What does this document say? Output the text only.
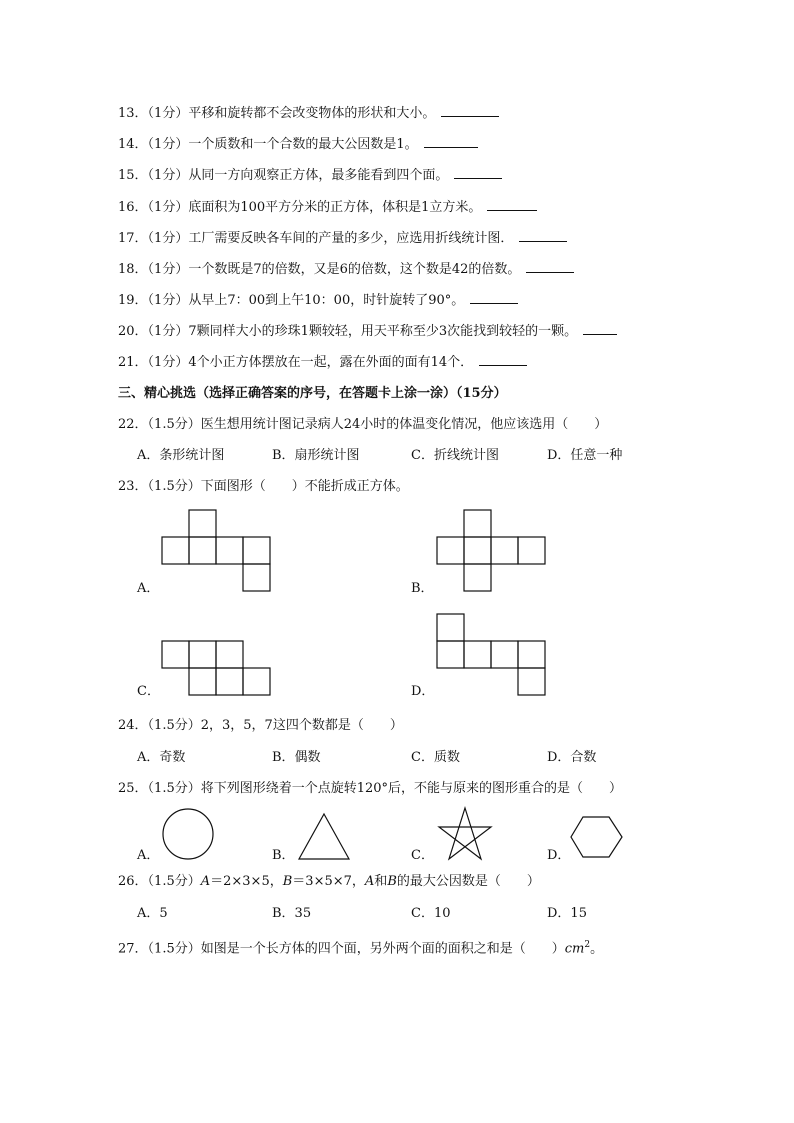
13．（1分）平移和旋转都不会改变物体的形状和大小。
14．（1分）一个质数和一个合数的最大公因数是1。
15．（1分）从同一方向观察正方体，最多能看到四个面。
16．（1分）底面积为100平方分米的正方体，体积是1立方米。
17．（1分）工厂需要反映各车间的产量的多少，应选用折线统计图．
18．（1分）一个数既是7的倍数，又是6的倍数，这个数是42的倍数。
19．（1分）从早上7：00到上午10：00，时针旋转了90°。
20．（1分）7颗同样大小的珍珠1颗较轻，用天平称至少3次能找到较轻的一颗。
21．（1分）4个小正方体摆放在一起，露在外面的面有14个．
三、精心挑选（选择正确答案的序号，在答题卡上涂一涂）（15分）
22．（1.5分）医生想用统计图记录病人24小时的体温变化情况，他应该选用（　　）
A．条形统计图	B．扇形统计图	C．折线统计图	D．任意一种
23．（1.5分）下面图形（　　）不能折成正方体。
A．	B．
C．	D．
24．（1.5分）2，3，5，7这四个数都是（　　）
A．奇数	B．偶数	C．质数	D．合数
25．（1.5分）将下列图形绕着一个点旋转120°后，不能与原来的图形重合的是（　　）
A．	B．	C．	D．
26．（1.5分）A＝2×3×5，B＝3×5×7，A和B的最大公因数是（　　）
A．5	B．35	C．10	D．15
27．（1.5分）如图是一个长方体的四个面，另外两个面的面积之和是（　　）$cm^2$。
